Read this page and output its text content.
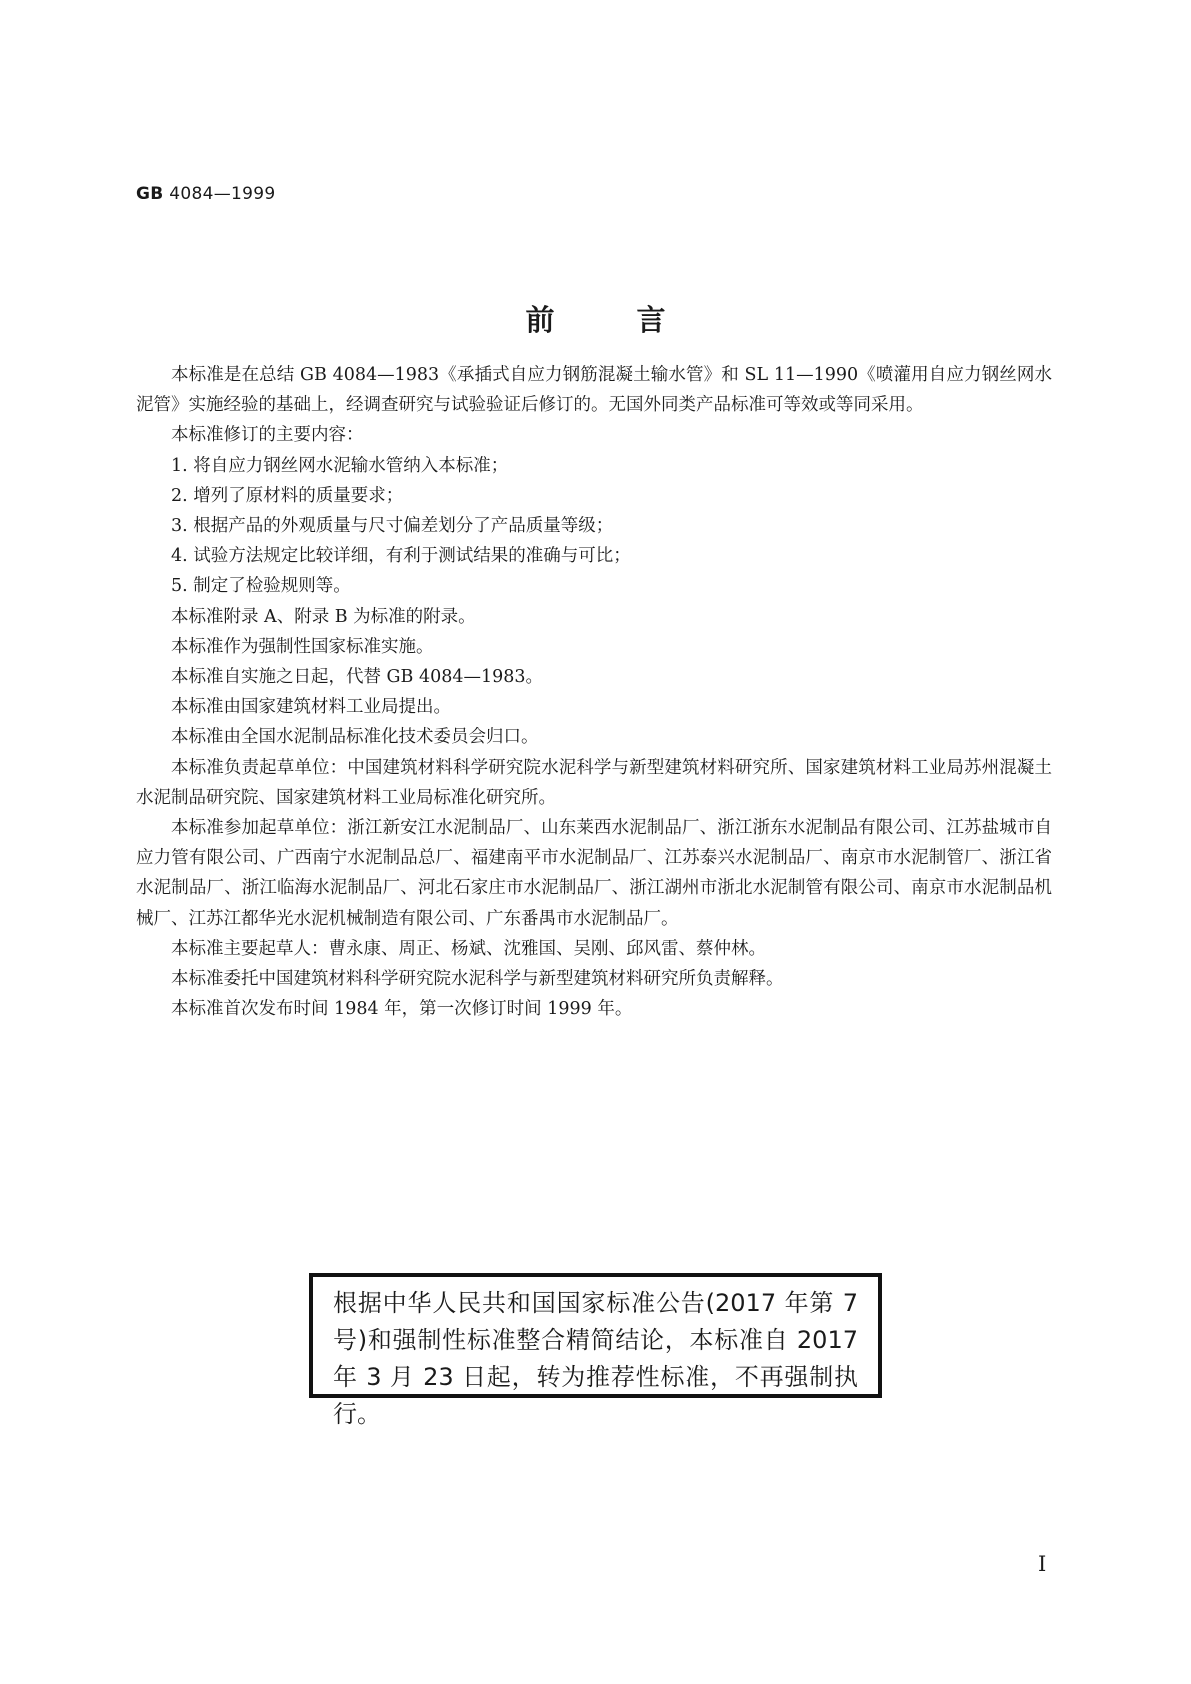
GB 4084—1999
前言

本标准是在总结 GB 4084—1983《承插式自应力钢筋混凝土输水管》和 SL 11—1990《喷灌用自应力钢丝网水泥管》实施经验的基础上，经调查研究与试验验证后修订的。无国外同类产品标准可等效或等同采用。

本标准修订的主要内容：

1. 将自应力钢丝网水泥输水管纳入本标准；

2. 增列了原材料的质量要求；

3. 根据产品的外观质量与尺寸偏差划分了产品质量等级；

4. 试验方法规定比较详细，有利于测试结果的准确与可比；

5. 制定了检验规则等。

本标准附录 A、附录 B 为标准的附录。

本标准作为强制性国家标准实施。

本标准自实施之日起，代替 GB 4084—1983。

本标准由国家建筑材料工业局提出。

本标准由全国水泥制品标准化技术委员会归口。

本标准负责起草单位：中国建筑材料科学研究院水泥科学与新型建筑材料研究所、国家建筑材料工业局苏州混凝土水泥制品研究院、国家建筑材料工业局标准化研究所。

本标准参加起草单位：浙江新安江水泥制品厂、山东莱西水泥制品厂、浙江浙东水泥制品有限公司、江苏盐城市自应力管有限公司、广西南宁水泥制品总厂、福建南平市水泥制品厂、江苏泰兴水泥制品厂、南京市水泥制管厂、浙江省水泥制品厂、浙江临海水泥制品厂、河北石家庄市水泥制品厂、浙江湖州市浙北水泥制管有限公司、南京市水泥制品机械厂、江苏江都华光水泥机械制造有限公司、广东番禺市水泥制品厂。

本标准主要起草人：曹永康、周正、杨斌、沈雅国、吴刚、邱风雷、蔡仲林。

本标准委托中国建筑材料科学研究院水泥科学与新型建筑材料研究所负责解释。

本标准首次发布时间 1984 年，第一次修订时间 1999 年。

根据中华人民共和国国家标准公告(2017 年第 7 号)和强制性标准整合精简结论，本标准自 2017 年 3 月 23 日起，转为推荐性标准，不再强制执行。
I
